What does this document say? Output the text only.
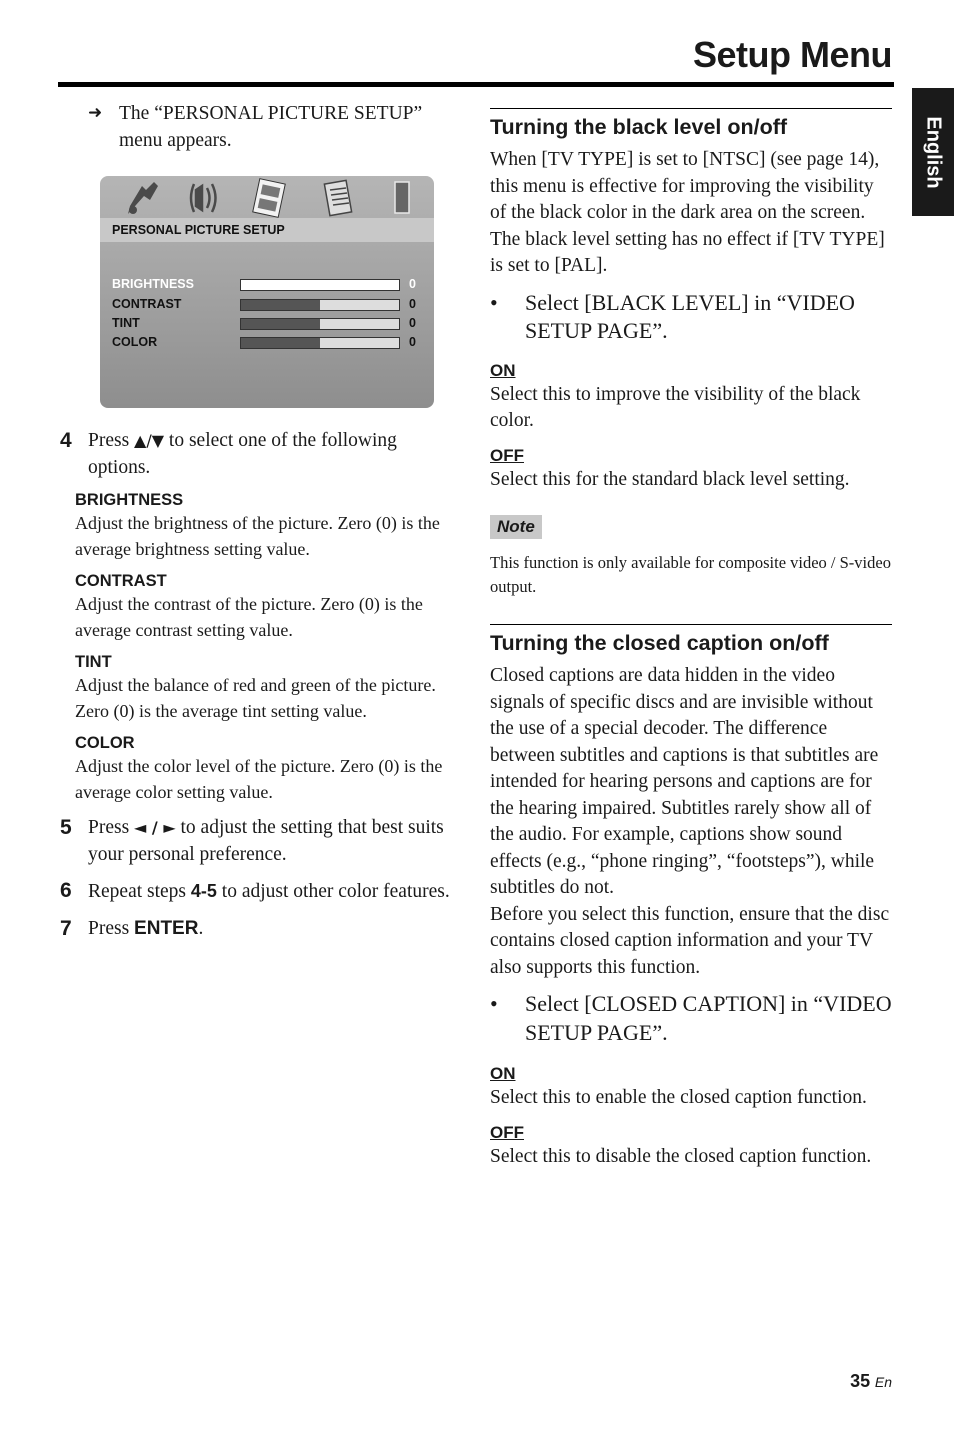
Setup Menu
English
➜ The “PERSONAL PICTURE SETUP” menu appears.
PERSONAL PICTURE SETUP
BRIGHTNESS	0
CONTRAST	0
TINT	0
COLOR	0
4 Press ▲/▼ to select one of the following options.
BRIGHTNESS
Adjust the brightness of the picture. Zero (0) is the average brightness setting value.
CONTRAST
Adjust the contrast of the picture. Zero (0) is the average contrast setting value.
TINT
Adjust the balance of red and green of the picture. Zero (0) is the average tint setting value.
COLOR
Adjust the color level of the picture. Zero (0) is the average color setting value.
5 Press ◄ / ► to adjust the setting that best suits your personal preference.
6 Repeat steps 4-5 to adjust other color features.
7 Press ENTER.
Turning the black level on/off
When [TV TYPE] is set to [NTSC] (see page 14), this menu is effective for improving the visibility of the black color in the dark area on the screen. The black level setting has no effect if [TV TYPE] is set to [PAL].
• Select [BLACK LEVEL] in “VIDEO SETUP PAGE”.
ON
Select this to improve the visibility of the black color.
OFF
Select this for the standard black level setting.
Note
This function is only available for composite video / S-video output.
Turning the closed caption on/off
Closed captions are data hidden in the video signals of specific discs and are invisible without the use of a special decoder. The difference between subtitles and captions is that subtitles are intended for hearing persons and captions are for the hearing impaired. Subtitles rarely show all of the audio. For example, captions show sound effects (e.g., “phone ringing”, “footsteps”), while subtitles do not.
Before you select this function, ensure that the disc contains closed caption information and your TV also supports this function.
• Select [CLOSED CAPTION] in “VIDEO SETUP PAGE”.
ON
Select this to enable the closed caption function.
OFF
Select this to disable the closed caption function.
35 En
